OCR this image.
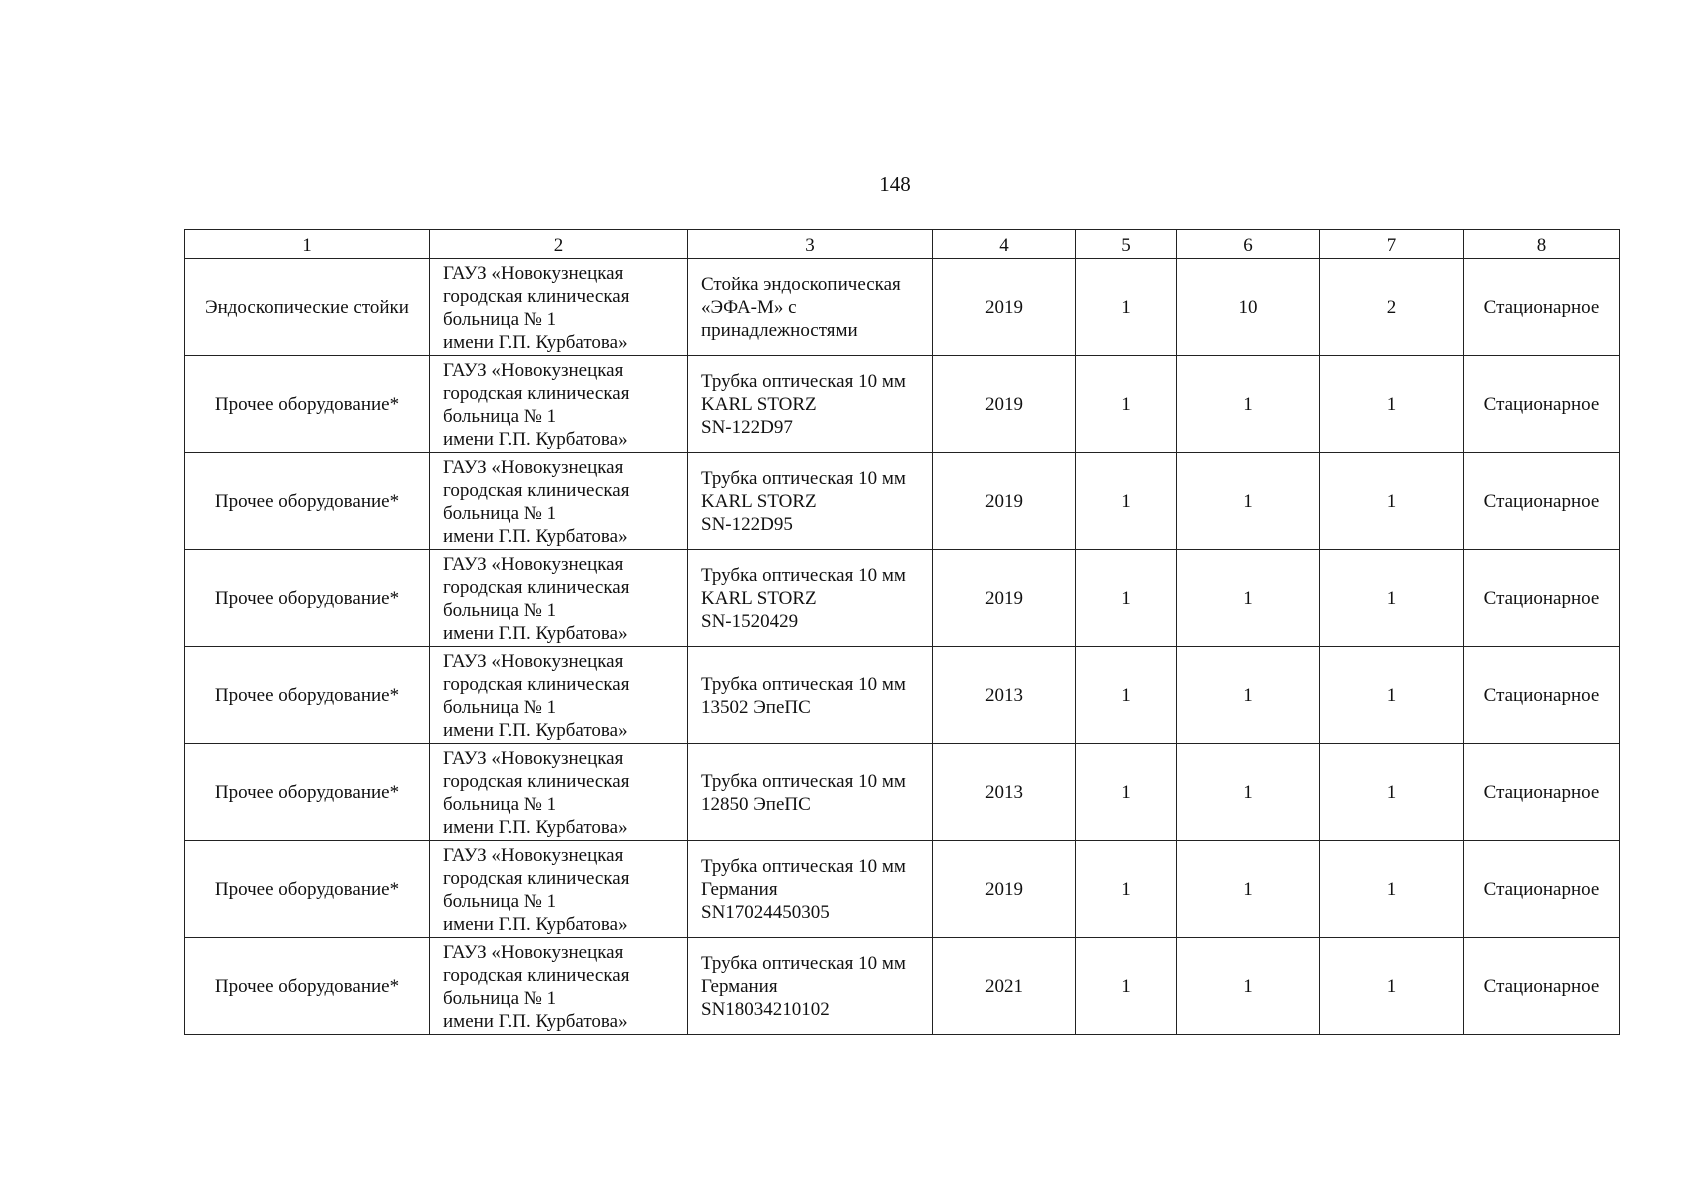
148
1	2	3	4	5	6	7	8
Эндоскопические стойки	ГАУЗ «Новокузнецкая
городская клиническая
больница № 1
имени Г.П. Курбатова»	Стойка эндоскопическая
«ЭФА-М» с
принадлежностями	2019	1	10	2	Стационарное
Прочее оборудование*	ГАУЗ «Новокузнецкая
городская клиническая
больница № 1
имени Г.П. Курбатова»	Трубка оптическая 10 мм
KARL STORZ
SN-122D97	2019	1	1	1	Стационарное
Прочее оборудование*	ГАУЗ «Новокузнецкая
городская клиническая
больница № 1
имени Г.П. Курбатова»	Трубка оптическая 10 мм
KARL STORZ
SN-122D95	2019	1	1	1	Стационарное
Прочее оборудование*	ГАУЗ «Новокузнецкая
городская клиническая
больница № 1
имени Г.П. Курбатова»	Трубка оптическая 10 мм
KARL STORZ
SN-1520429	2019	1	1	1	Стационарное
Прочее оборудование*	ГАУЗ «Новокузнецкая
городская клиническая
больница № 1
имени Г.П. Курбатова»	Трубка оптическая 10 мм
13502 ЭпеПС	2013	1	1	1	Стационарное
Прочее оборудование*	ГАУЗ «Новокузнецкая
городская клиническая
больница № 1
имени Г.П. Курбатова»	Трубка оптическая 10 мм
12850 ЭпеПС	2013	1	1	1	Стационарное
Прочее оборудование*	ГАУЗ «Новокузнецкая
городская клиническая
больница № 1
имени Г.П. Курбатова»	Трубка оптическая 10 мм
Германия
SN17024450305	2019	1	1	1	Стационарное
Прочее оборудование*	ГАУЗ «Новокузнецкая
городская клиническая
больница № 1
имени Г.П. Курбатова»	Трубка оптическая 10 мм
Германия
SN18034210102	2021	1	1	1	Стационарное
